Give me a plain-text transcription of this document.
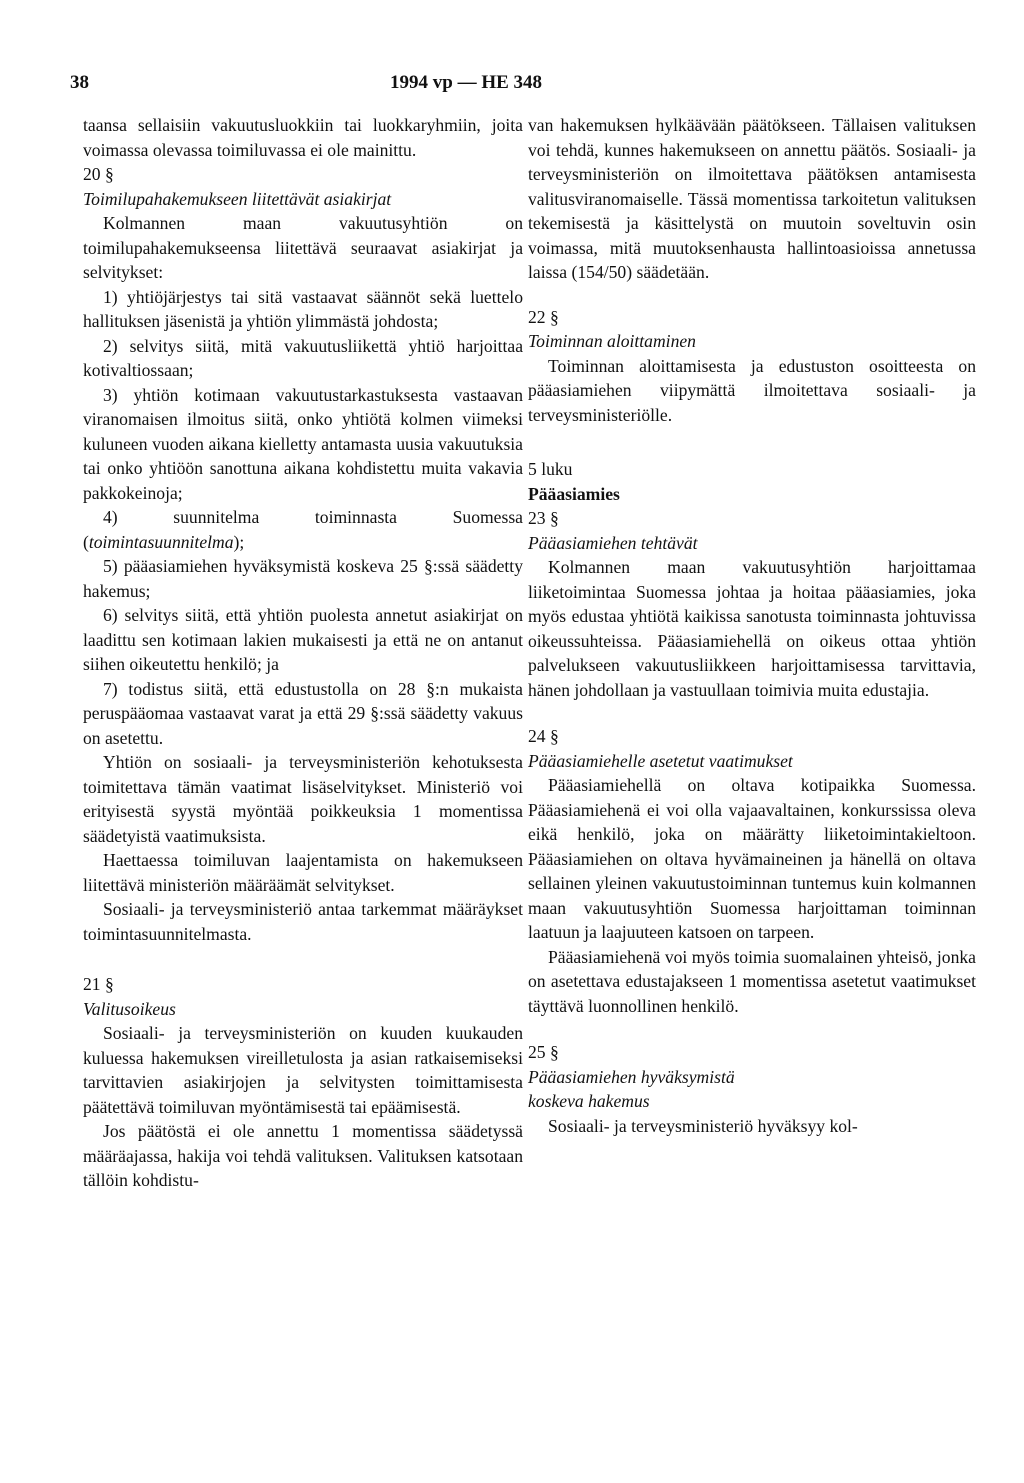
38	1994 vp — HE 348

taansa sellaisiin vakuutusluokkiin tai luokkaryhmiin, joita voimassa olevassa toimiluvassa ei ole mainittu.

20 §

Toimilupahakemukseen liitettävät asiakirjat

Kolmannen maan vakuutusyhtiön on toimilupahakemukseensa liitettävä seuraavat asiakirjat ja selvitykset:

1) yhtiöjärjestys tai sitä vastaavat säännöt sekä luettelo hallituksen jäsenistä ja yhtiön ylimmästä johdosta;

2) selvitys siitä, mitä vakuutusliikettä yhtiö harjoittaa kotivaltiossaan;

3) yhtiön kotimaan vakuutustarkastuksesta vastaavan viranomaisen ilmoitus siitä, onko yhtiötä kolmen viimeksi kuluneen vuoden aikana kielletty antamasta uusia vakuutuksia tai onko yhtiöön sanottuna aikana kohdistettu muita vakavia pakkokeinoja;

4) suunnitelma toiminnasta Suomessa (toimintasuunnitelma);

5) pääasiamiehen hyväksymistä koskeva 25 §:ssä säädetty hakemus;

6) selvitys siitä, että yhtiön puolesta annetut asiakirjat on laadittu sen kotimaan lakien mukaisesti ja että ne on antanut siihen oikeutettu henkilö; ja

7) todistus siitä, että edustustolla on 28 §:n mukaista peruspääomaa vastaavat varat ja että 29 §:ssä säädetty vakuus on asetettu.

Yhtiön on sosiaali- ja terveysministeriön kehotuksesta toimitettava tämän vaatimat lisäselvitykset. Ministeriö voi erityisestä syystä myöntää poikkeuksia 1 momentissa säädetyistä vaatimuksista.

Haettaessa toimiluvan laajentamista on hakemukseen liitettävä ministeriön määräämät selvitykset.

Sosiaali- ja terveysministeriö antaa tarkemmat määräykset toimintasuunnitelmasta.

21 §

Valitusoikeus

Sosiaali- ja terveysministeriön on kuuden kuukauden kuluessa hakemuksen vireilletulosta ja asian ratkaisemiseksi tarvittavien asiakirjojen ja selvitysten toimittamisesta päätettävä toimiluvan myöntämisestä tai epäämisestä.

Jos päätöstä ei ole annettu 1 momentissa säädetyssä määräajassa, hakija voi tehdä valituksen. Valituksen katsotaan tällöin kohdistu-

van hakemuksen hylkäävään päätökseen. Tällaisen valituksen voi tehdä, kunnes hakemukseen on annettu päätös. Sosiaali- ja terveysministeriön on ilmoitettava päätöksen antamisesta valitusviranomaiselle. Tässä momentissa tarkoitetun valituksen tekemisestä ja käsittelystä on muutoin soveltuvin osin voimassa, mitä muutoksenhausta hallintoasioissa annetussa laissa (154/50) säädetään.

22 §

Toiminnan aloittaminen

Toiminnan aloittamisesta ja edustuston osoitteesta on pääasiamiehen viipymättä ilmoitettava sosiaali- ja terveysministeriölle.

5 luku

Pääasiamies

23 §

Pääasiamiehen tehtävät

Kolmannen maan vakuutusyhtiön harjoittamaa liiketoimintaa Suomessa johtaa ja hoitaa pääasiamies, joka myös edustaa yhtiötä kaikissa sanotusta toiminnasta johtuvissa oikeussuhteissa. Pääasiamiehellä on oikeus ottaa yhtiön palvelukseen vakuutusliikkeen harjoittamisessa tarvittavia, hänen johdollaan ja vastuullaan toimivia muita edustajia.

24 §

Pääasiamiehelle asetetut vaatimukset

Pääasiamiehellä on oltava kotipaikka Suomessa. Pääasiamiehenä ei voi olla vajaavaltainen, konkurssissa oleva eikä henkilö, joka on määrätty liiketoimintakieltoon. Pääasiamiehen on oltava hyvämaineinen ja hänellä on oltava sellainen yleinen vakuutustoiminnan tuntemus kuin kolmannen maan vakuutusyhtiön Suomessa harjoittaman toiminnan laatuun ja laajuuteen katsoen on tarpeen.

Pääasiamiehenä voi myös toimia suomalainen yhteisö, jonka on asetettava edustajakseen 1 momentissa asetetut vaatimukset täyttävä luonnollinen henkilö.

25 §

Pääasiamiehen hyväksymistä

koskeva hakemus

Sosiaali- ja terveysministeriö hyväksyy kol-
